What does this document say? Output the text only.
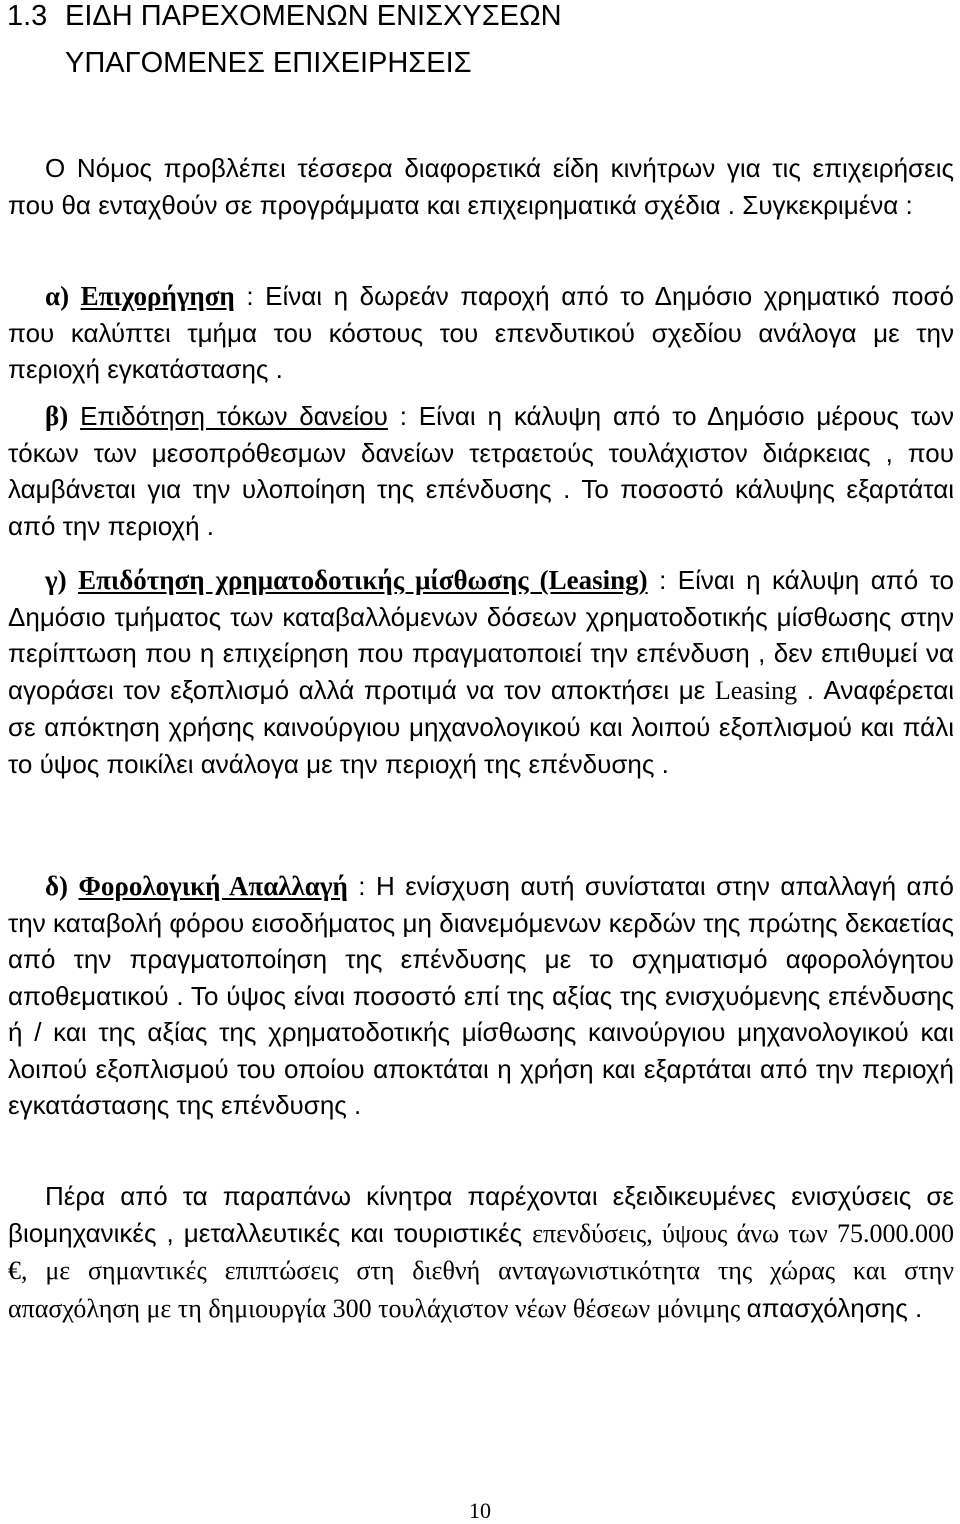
1.3 ΕΙΔΗ ΠΑΡΕΧΟΜΕΝΩΝ ΕΝΙΣΧΥΣΕΩΝ
ΥΠΑΓΟΜΕΝΕΣ ΕΠΙΧΕΙΡΗΣΕΙΣ

Ο Νόμος προβλέπει τέσσερα διαφορετικά είδη κινήτρων για τις επιχειρήσεις που θα ενταχθούν σε προγράμματα και επιχειρηματικά σχέδια . Συγκεκριμένα :

α) Επιχορήγηση : Είναι η δωρεάν παροχή από το Δημόσιο χρηματικό ποσό που καλύπτει τμήμα του κόστους του επενδυτικού σχεδίου ανάλογα με την περιοχή εγκατάστασης .

β) Επιδότηση τόκων δανείου : Είναι η κάλυψη από το Δημόσιο μέρους των τόκων των μεσοπρόθεσμων δανείων τετραετούς τουλάχιστον διάρκειας , που λαμβάνεται για την υλοποίηση της επένδυσης . Το ποσοστό κάλυψης εξαρτάται από την περιοχή .

γ) Επιδότηση χρηματοδοτικής μίσθωσης (Leasing) : Είναι η κάλυψη από το Δημόσιο τμήματος των καταβαλλόμενων δόσεων χρηματοδοτικής μίσθωσης στην περίπτωση που η επιχείρηση που πραγματοποιεί την επένδυση , δεν επιθυμεί να αγοράσει τον εξοπλισμό αλλά προτιμά να τον αποκτήσει με Leasing . Αναφέρεται σε απόκτηση χρήσης καινούργιου μηχανολογικού και λοιπού εξοπλισμού και πάλι το ύψος ποικίλει ανάλογα με την περιοχή της επένδυσης .

δ) Φορολογική Απαλλαγή : Η ενίσχυση αυτή συνίσταται στην απαλλαγή από την καταβολή φόρου εισοδήματος μη διανεμόμενων κερδών της πρώτης δεκαετίας από την πραγματοποίηση της επένδυσης με το σχηματισμό αφορολόγητου αποθεματικού . Το ύψος είναι ποσοστό επί της αξίας της ενισχυόμενης επένδυσης ή / και της αξίας της χρηματοδοτικής μίσθωσης καινούργιου μηχανολογικού και λοιπού εξοπλισμού του οποίου αποκτάται η χρήση και εξαρτάται από την περιοχή εγκατάστασης της επένδυσης .

Πέρα από τα παραπάνω κίνητρα παρέχονται εξειδικευμένες ενισχύσεις σε βιομηχανικές , μεταλλευτικές και τουριστικές επενδύσεις, ύψους άνω των 75.000.000 €, με σημαντικές επιπτώσεις στη διεθνή ανταγωνιστικότητα της χώρας και στην απασχόληση με τη δημιουργία 300 τουλάχιστον νέων θέσεων μόνιμης απασχόλησης .

10
